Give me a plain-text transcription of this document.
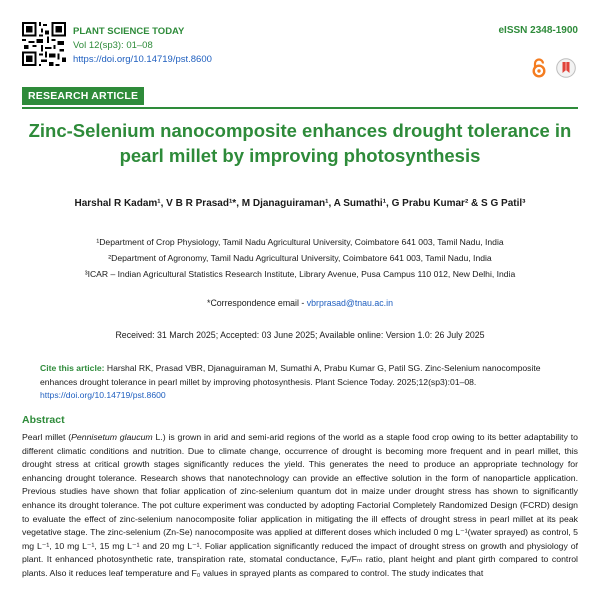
PLANT SCIENCE TODAY
Vol 12(sp3): 01–08
https://doi.org/10.14719/pst.8600
eISSN 2348-1900
RESEARCH ARTICLE
Zinc-Selenium nanocomposite enhances drought tolerance in pearl millet by improving photosynthesis
Harshal R Kadam¹, V B R Prasad¹*, M Djanaguiraman¹, A Sumathi¹, G Prabu Kumar² & S G Patil³
¹Department of Crop Physiology, Tamil Nadu Agricultural University, Coimbatore 641 003, Tamil Nadu, India
²Department of Agronomy, Tamil Nadu Agricultural University, Coimbatore 641 003, Tamil Nadu, India
³ICAR – Indian Agricultural Statistics Research Institute, Library Avenue, Pusa Campus 110 012, New Delhi, India
*Correspondence email - vbrprasad@tnau.ac.in
Received: 31 March 2025; Accepted: 03 June 2025; Available online: Version 1.0: 26 July 2025
Cite this article: Harshal RK, Prasad VBR, Djanaguiraman M, Sumathi A, Prabu Kumar G, Patil SG. Zinc-Selenium nanocomposite enhances drought tolerance in pearl millet by improving photosynthesis. Plant Science Today. 2025;12(sp3):01–08. https://doi.org/10.14719/pst.8600
Abstract
Pearl millet (Pennisetum glaucum L.) is grown in arid and semi-arid regions of the world as a staple food crop owing to its better adaptability to different climatic conditions and nutrition. Due to climate change, occurrence of drought is becoming more frequent and in pearl millet, this drought stress at critical growth stages significantly reduces the yield. This generates the need to produce an appropriate technology for enhancing drought tolerance. Research shows that nanotechnology can provide an effective solution in the form of nanoparticle application. Previous studies have shown that foliar application of zinc-selenium quantum dot in maize under drought stress has shown to significantly enhance its drought tolerance. The pot culture experiment was conducted by adopting Factorial Completely Randomized Design (FCRD) design to evaluate the effect of zinc-selenium nanocomposite foliar application in mitigating the ill effects of drought stress in pearl millet at its peak vegetative stage. The zinc-selenium (Zn-Se) nanocomposite was applied at different doses which included 0 mg L⁻¹(water sprayed) as control, 5 mg L⁻¹, 10 mg L⁻¹, 15 mg L⁻¹ and 20 mg L⁻¹. Foliar application significantly reduced the impact of drought stress on growth and physiology of plant. It enhanced photosynthetic rate, transpiration rate, stomatal conductance, Fᵥ/Fₘ ratio, plant height and plant girth compared to control plants. Also it reduces leaf temperature and F₀ values in sprayed plants as compared to control. The study indicates that
